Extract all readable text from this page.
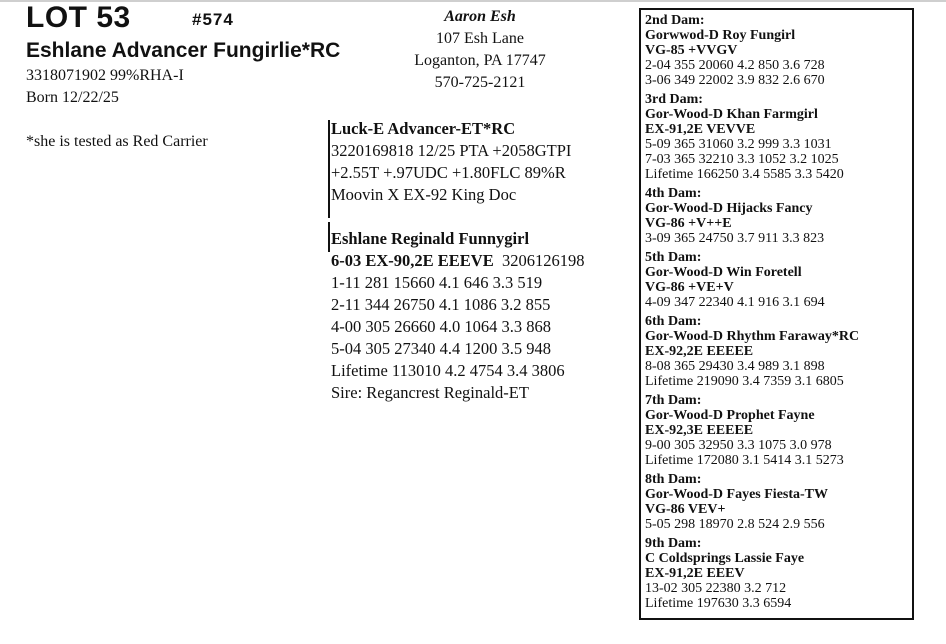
LOT 53	#574
Eshlane Advancer Fungirlie*RC
3318071902 99%RHA-I
Born 12/22/25
*she is tested as Red Carrier
Aaron Esh
107 Esh Lane
Loganton, PA 17747
570-725-2121
Luck-E Advancer-ET*RC
3220169818 12/25 PTA +2058GTPI
+2.55T +.97UDC +1.80FLC 89%R
Moovin X EX-92 King Doc
Eshlane Reginald Funnygirl
6-03 EX-90,2E EEEVE 3206126198
1-11 281 15660 4.1 646 3.3 519
2-11 344 26750 4.1 1086 3.2 855
4-00 305 26660 4.0 1064 3.3 868
5-04 305 27340 4.4 1200 3.5 948
Lifetime 113010 4.2 4754 3.4 3806
Sire: Regancrest Reginald-ET
2nd Dam:
Gorwwod-D Roy Fungirl
VG-85 +VVGV
2-04 355 20060 4.2 850 3.6 728
3-06 349 22002 3.9 832 2.6 670
3rd Dam:
Gor-Wood-D Khan Farmgirl
EX-91,2E VEVVE
5-09 365 31060 3.2 999 3.3 1031
7-03 365 32210 3.3 1052 3.2 1025
Lifetime 166250 3.4 5585 3.3 5420
4th Dam:
Gor-Wood-D Hijacks Fancy
VG-86 +V++E
3-09 365 24750 3.7 911 3.3 823
5th Dam:
Gor-Wood-D Win Foretell
VG-86 +VE+V
4-09 347 22340 4.1 916 3.1 694
6th Dam:
Gor-Wood-D Rhythm Faraway*RC
EX-92,2E EEEEE
8-08 365 29430 3.4 989 3.1 898
Lifetime 219090 3.4 7359 3.1 6805
7th Dam:
Gor-Wood-D Prophet Fayne
EX-92,3E EEEEE
9-00 305 32950 3.3 1075 3.0 978
Lifetime 172080 3.1 5414 3.1 5273
8th Dam:
Gor-Wood-D Fayes Fiesta-TW
VG-86 VEV+
5-05 298 18970 2.8 524 2.9 556
9th Dam:
C Coldsprings Lassie Faye
EX-91,2E EEEV
13-02 305 22380 3.2 712
Lifetime 197630 3.3 6594
